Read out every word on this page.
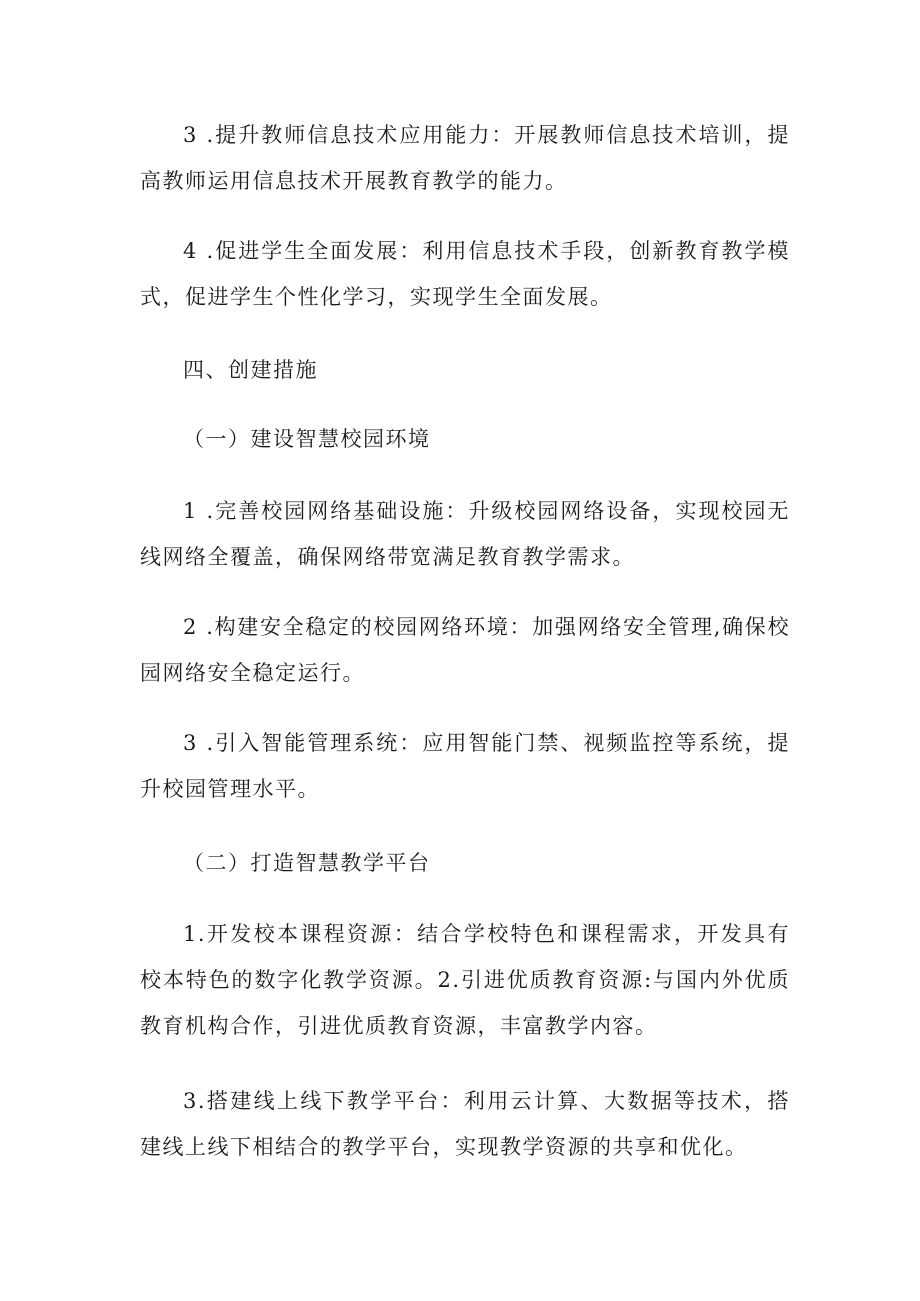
3 .提升教师信息技术应用能力：开展教师信息技术培训，提高教师运用信息技术开展教育教学的能力。

4 .促进学生全面发展：利用信息技术手段，创新教育教学模式，促进学生个性化学习，实现学生全面发展。

四、创建措施

（一）建设智慧校园环境

1 .完善校园网络基础设施：升级校园网络设备，实现校园无线网络全覆盖，确保网络带宽满足教育教学需求。

2 .构建安全稳定的校园网络环境：加强网络安全管理,确保校园网络安全稳定运行。

3 .引入智能管理系统：应用智能门禁、视频监控等系统，提升校园管理水平。

（二）打造智慧教学平台

1.开发校本课程资源：结合学校特色和课程需求，开发具有校本特色的数字化教学资源。2.引进优质教育资源:与国内外优质教育机构合作，引进优质教育资源，丰富教学内容。

3.搭建线上线下教学平台：利用云计算、大数据等技术，搭建线上线下相结合的教学平台，实现教学资源的共享和优化。
